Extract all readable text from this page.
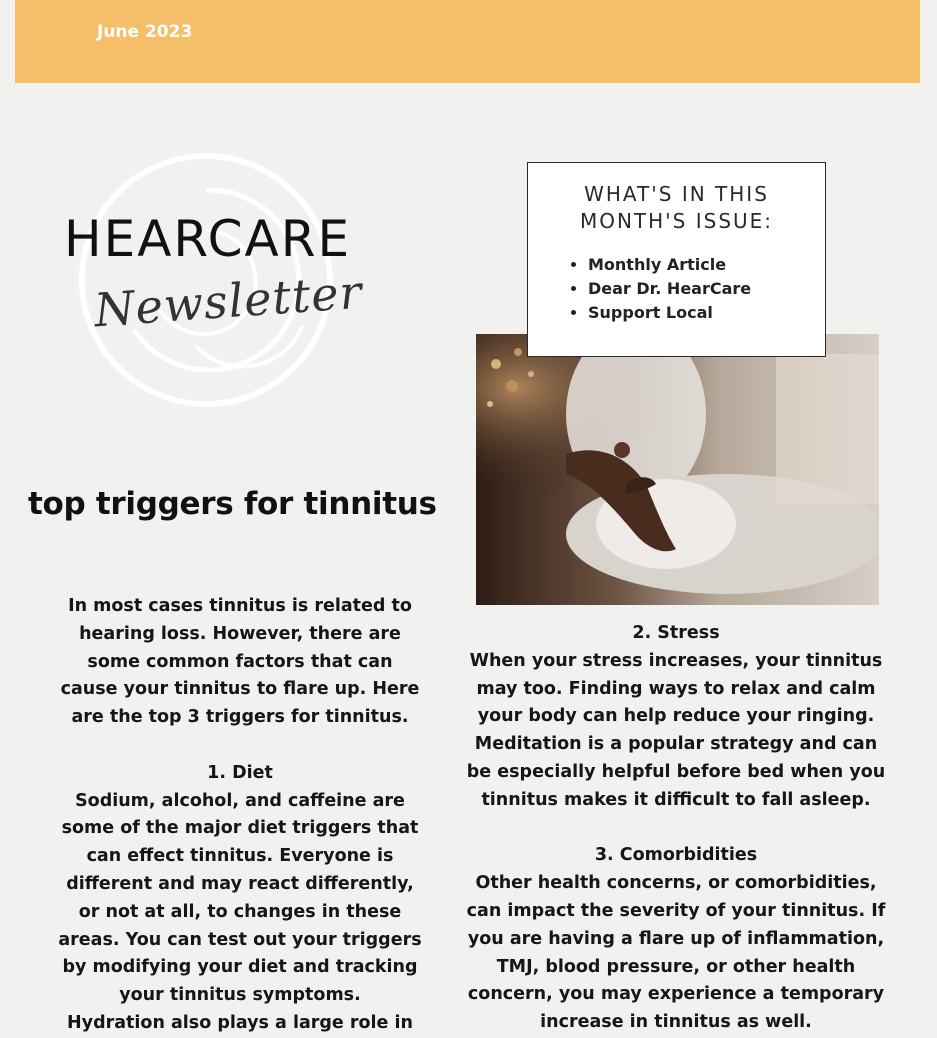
June 2023
HEARCARE
Newsletter
top triggers for tinnitus

In most cases tinnitus is related to

hearing loss. However, there are

some common factors that can

cause your tinnitus to flare up. Here

are the top 3 triggers for tinnitus.

1. Diet

Sodium, alcohol, and caffeine are

some of the major diet triggers that

can effect tinnitus. Everyone is

different and may react differently,

or not at all, to changes in these

areas. You can test out your triggers

by modifying your diet and tracking

your tinnitus symptoms.

Hydration also plays a large role in

WHAT'S IN THIS
MONTH'S ISSUE:
• Monthly Article
• Dear Dr. HearCare
• Support Local

2. Stress

When your stress increases, your tinnitus

may too. Finding ways to relax and calm

your body can help reduce your ringing.

Meditation is a popular strategy and can

be especially helpful before bed when you

tinnitus makes it difficult to fall asleep.

3. Comorbidities

Other health concerns, or comorbidities,

can impact the severity of your tinnitus. If

you are having a flare up of inflammation,

TMJ, blood pressure, or other health

concern, you may experience a temporary

increase in tinnitus as well.
